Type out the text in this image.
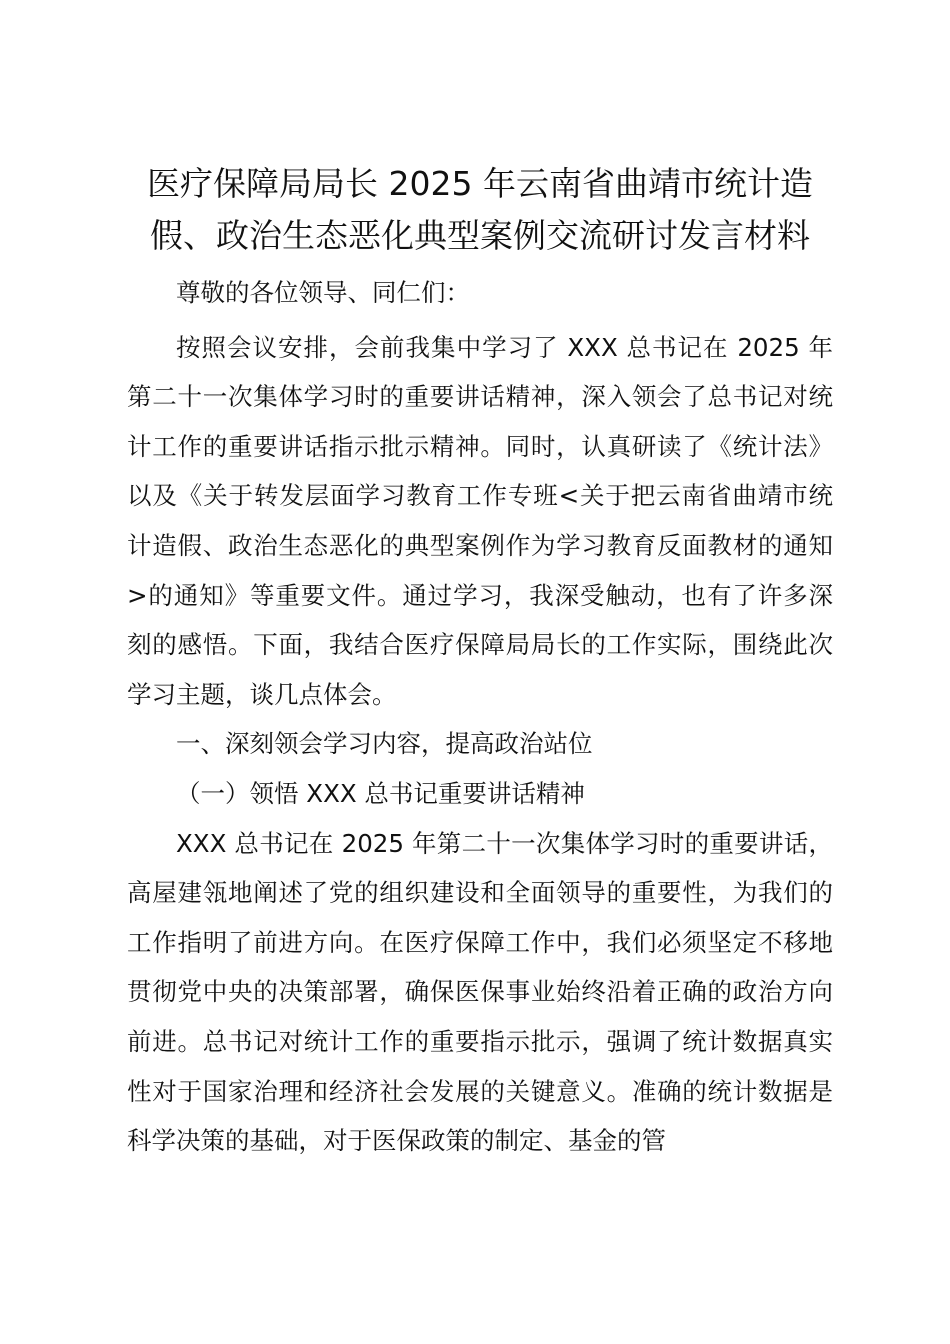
医疗保障局局长 2025 年云南省曲靖市统计造
假、政治生态恶化典型案例交流研讨发言材料

尊敬的各位领导、同仁们：

按照会议安排，会前我集中学习了 XXX 总书记在 2025 年第二十一次集体学习时的重要讲话精神，深入领会了总书记对统计工作的重要讲话指示批示精神。同时，认真研读了《统计法》以及《关于转发层面学习教育工作专班<关于把云南省曲靖市统计造假、政治生态恶化的典型案例作为学习教育反面教材的通知>的通知》等重要文件。通过学习，我深受触动，也有了许多深刻的感悟。下面，我结合医疗保障局局长的工作实际，围绕此次学习主题，谈几点体会。

一、深刻领会学习内容，提高政治站位

（一）领悟 XXX 总书记重要讲话精神

XXX 总书记在 2025 年第二十一次集体学习时的重要讲话，高屋建瓴地阐述了党的组织建设和全面领导的重要性，为我们的工作指明了前进方向。在医疗保障工作中，我们必须坚定不移地贯彻党中央的决策部署，确保医保事业始终沿着正确的政治方向前进。总书记对统计工作的重要指示批示，强调了统计数据真实性对于国家治理和经济社会发展的关键意义。准确的统计数据是科学决策的基础，对于医保政策的制定、基金的管
